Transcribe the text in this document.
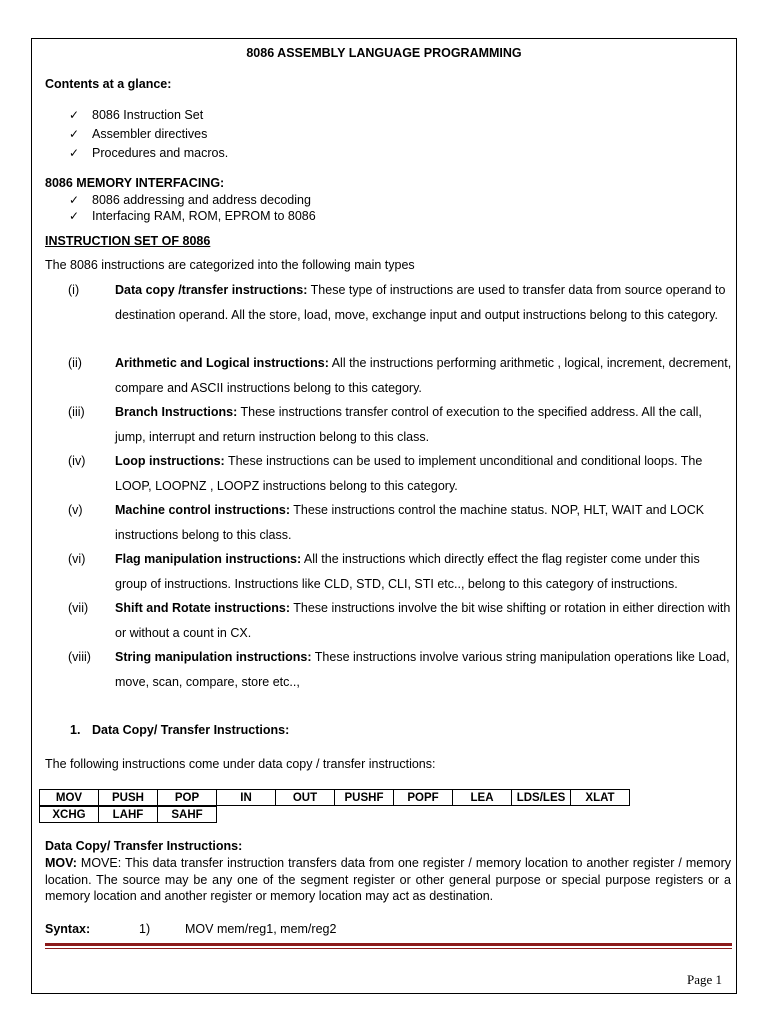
8086 ASSEMBLY LANGUAGE PROGRAMMING
Contents at a glance:
✓ 8086 Instruction Set
✓ Assembler directives
✓ Procedures and macros.
8086 MEMORY INTERFACING:
✓ 8086 addressing and address decoding
✓ Interfacing RAM, ROM, EPROM to 8086
INSTRUCTION SET OF 8086
The 8086 instructions are categorized into the following main types
(i)	Data copy /transfer instructions: These type of instructions are used to transfer data from source operand to destination operand. All the store, load, move, exchange input and output instructions belong to this category.
(ii)	Arithmetic and Logical instructions: All the instructions performing arithmetic , logical, increment, decrement, compare and ASCII instructions belong to this category.
(iii) Branch Instructions: These instructions transfer control of execution to the specified address. All the call, jump, interrupt and return instruction belong to this class.
(iv) Loop instructions: These instructions can be used to implement unconditional and conditional loops. The LOOP, LOOPNZ , LOOPZ instructions belong to this category.
(v)	Machine control instructions: These instructions control the machine status. NOP, HLT, WAIT and LOCK instructions belong to this class.
(vi) Flag manipulation instructions: All the instructions which directly effect the flag register come under this group of instructions. Instructions like CLD, STD, CLI, STI etc.., belong to this category of instructions.
(vii) Shift and Rotate instructions: These instructions involve the bit wise shifting or rotation in either direction with or without a count in CX.
(viii) String manipulation instructions: These instructions involve various string manipulation operations like Load, move, scan, compare, store etc..,
1. Data Copy/ Transfer Instructions:
The following instructions come under data copy / transfer instructions:
MOV	PUSH	POP	IN	OUT	PUSHF	POPF	LEA	LDS/LES	XLAT
XCHG	LAHF	SAHF
Data Copy/ Transfer Instructions:
MOV: MOVE: This data transfer instruction transfers data from one register / memory location to another register / memory location. The source may be any one of the segment register or other general purpose or special purpose registers or a memory location and another register or memory location may act as destination.
Syntax:	1)	MOV mem/reg1, mem/reg2
Page 1
